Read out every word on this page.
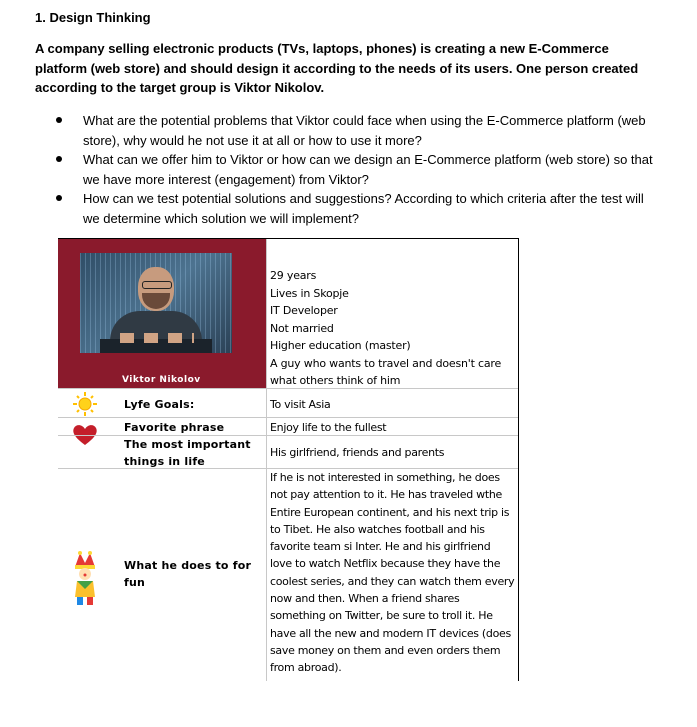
1. Design Thinking
A company selling electronic products (TVs, laptops, phones) is creating a new E-Commerce platform (web store) and should design it according to the needs of its users. One person created according to the target group is Viktor Nikolov.
What are the potential problems that Viktor could face when using the E-Commerce platform (web store), why would he not use it at all or how to use it more?
What can we offer him to Viktor or how can we design an E-Commerce platform (web store) so that we have more interest (engagement) from Viktor?
How can we test potential solutions and suggestions? According to which criteria after the test will we determine which solution we will implement?
Viktor Nikolov
29 years
Lives in Skopje
IT Developer
Not married
Higher education (master)
A guy who wants to travel and doesn't care what others think of him
Lyfe Goals:	To visit Asia
Favorite phrase	Enjoy life to the fullest
The most important things in life
His girlfriend, friends and parents
What he does to for fun
If he is not interested in something, he does not pay attention to it. He has traveled wthe Entire European continent, and his next trip is to Tibet. He also watches football and his favorite team si Inter. He and his girlfriend love to watch Netflix because they have the coolest series, and they can watch them every now and then. When a friend shares something on Twitter, be sure to troll it. He have all the new and modern IT devices (does save money on them and even orders them from abroad).
